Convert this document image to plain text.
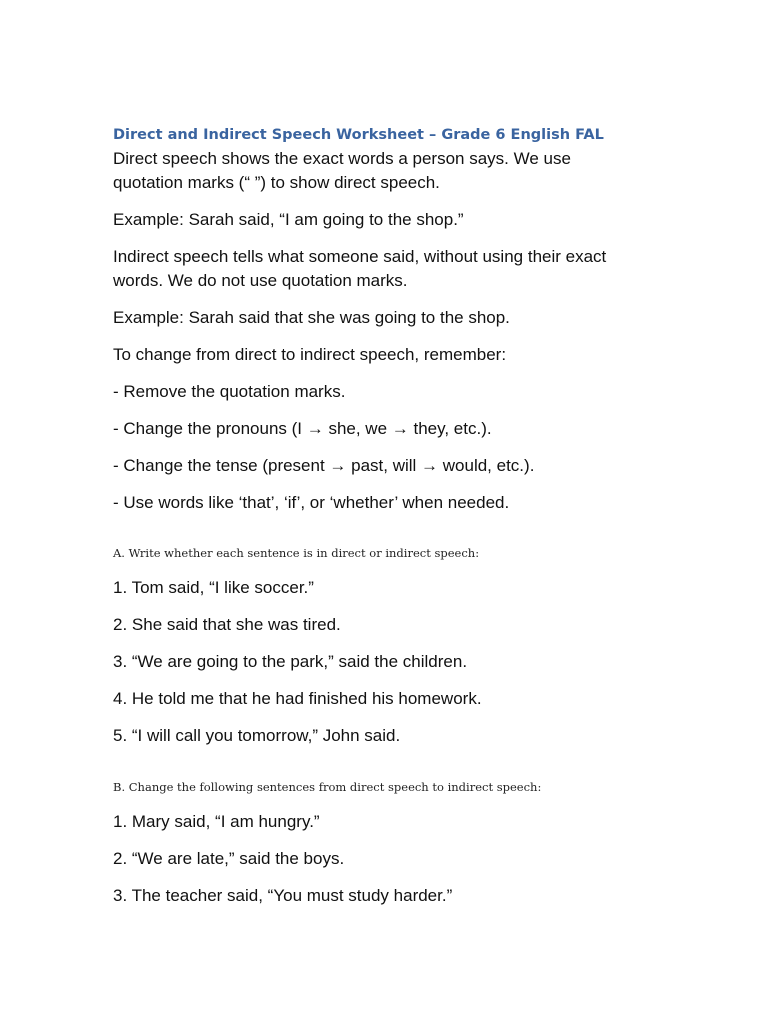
Direct and Indirect Speech Worksheet – Grade 6 English FAL

Direct speech shows the exact words a person says. We use quotation marks (“ ”) to show direct speech.

Example: Sarah said, “I am going to the shop.”

Indirect speech tells what someone said, without using their exact words. We do not use quotation marks.

Example: Sarah said that she was going to the shop.

To change from direct to indirect speech, remember:

- Remove the quotation marks.

- Change the pronouns (I → she, we → they, etc.).

- Change the tense (present → past, will → would, etc.).

- Use words like ‘that’, ‘if’, or ‘whether’ when needed.

A. Write whether each sentence is in direct or indirect speech:

1. Tom said, “I like soccer.”

2. She said that she was tired.

3. “We are going to the park,” said the children.

4. He told me that he had finished his homework.

5. “I will call you tomorrow,” John said.

B. Change the following sentences from direct speech to indirect speech:

1. Mary said, “I am hungry.”

2. “We are late,” said the boys.

3. The teacher said, “You must study harder.”
